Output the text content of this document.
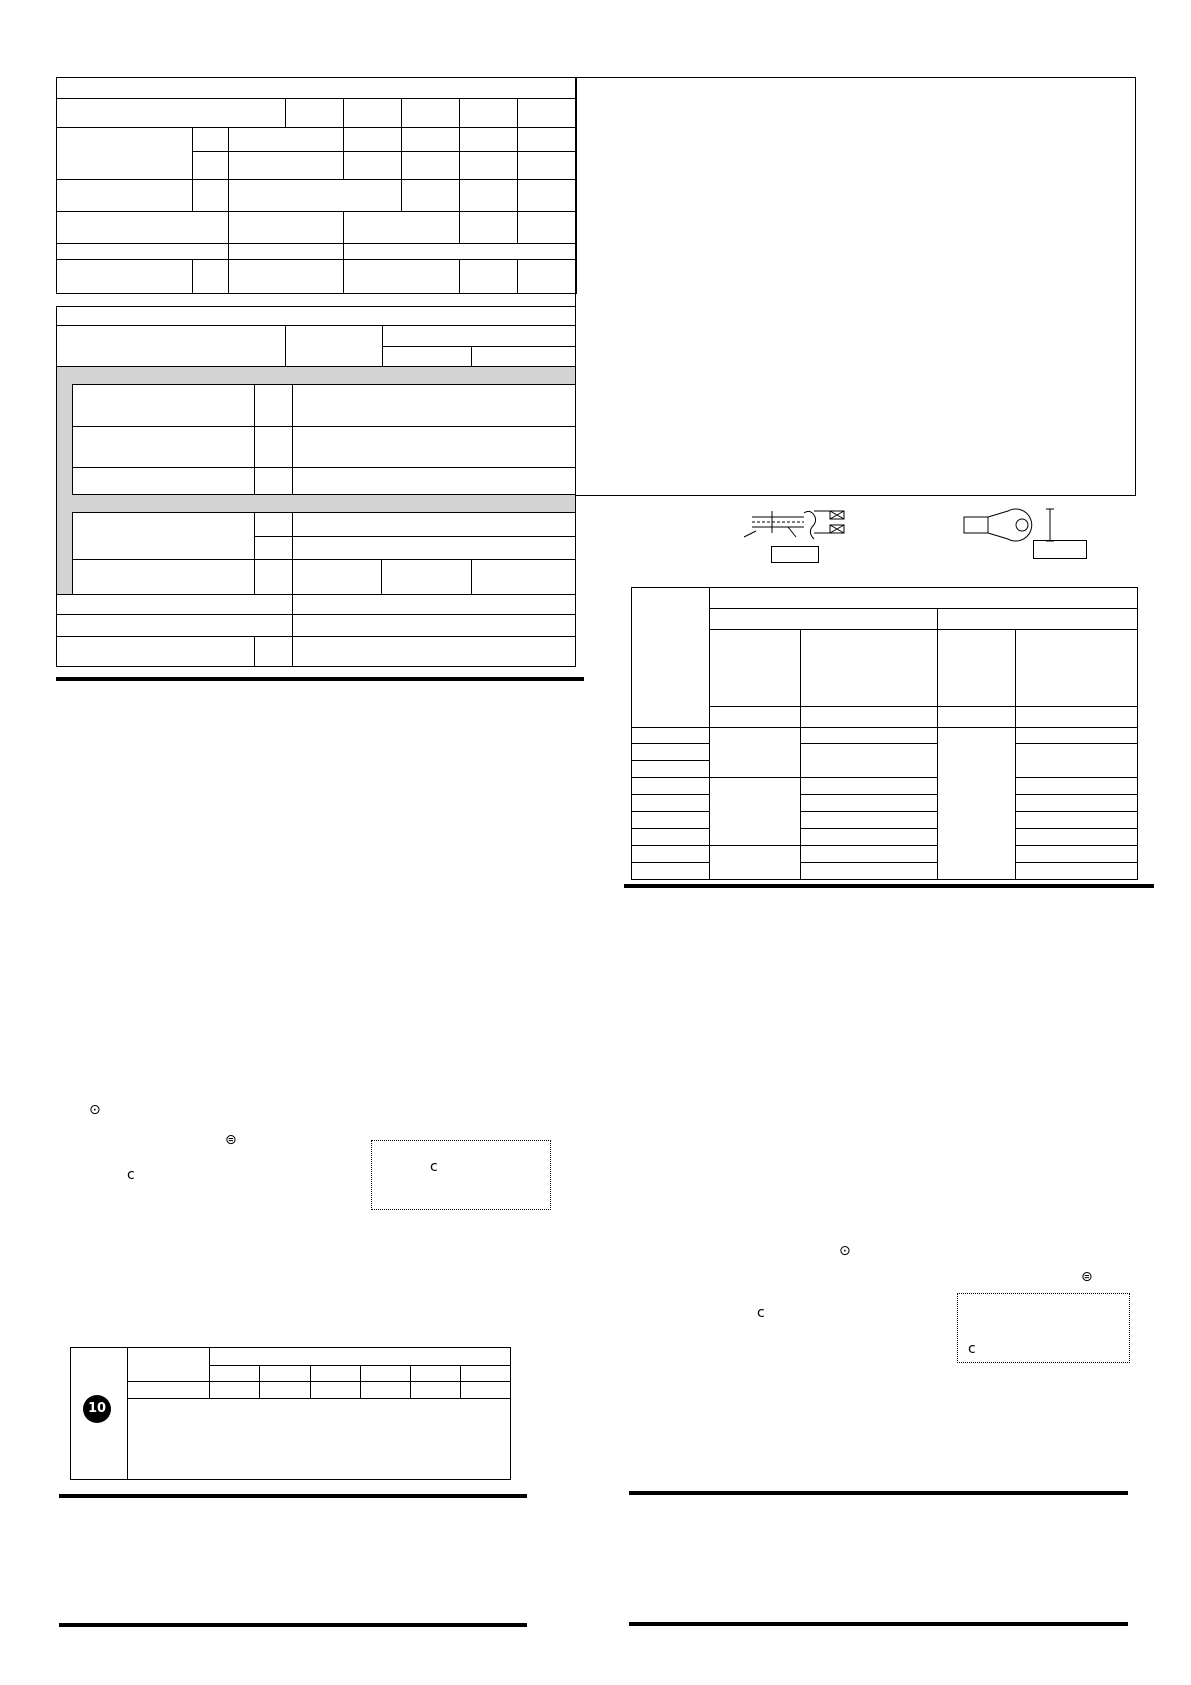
⊙
⊜
ᴄ	ᴄ
10
⊙
⊜
ᴄ
ᴄ
